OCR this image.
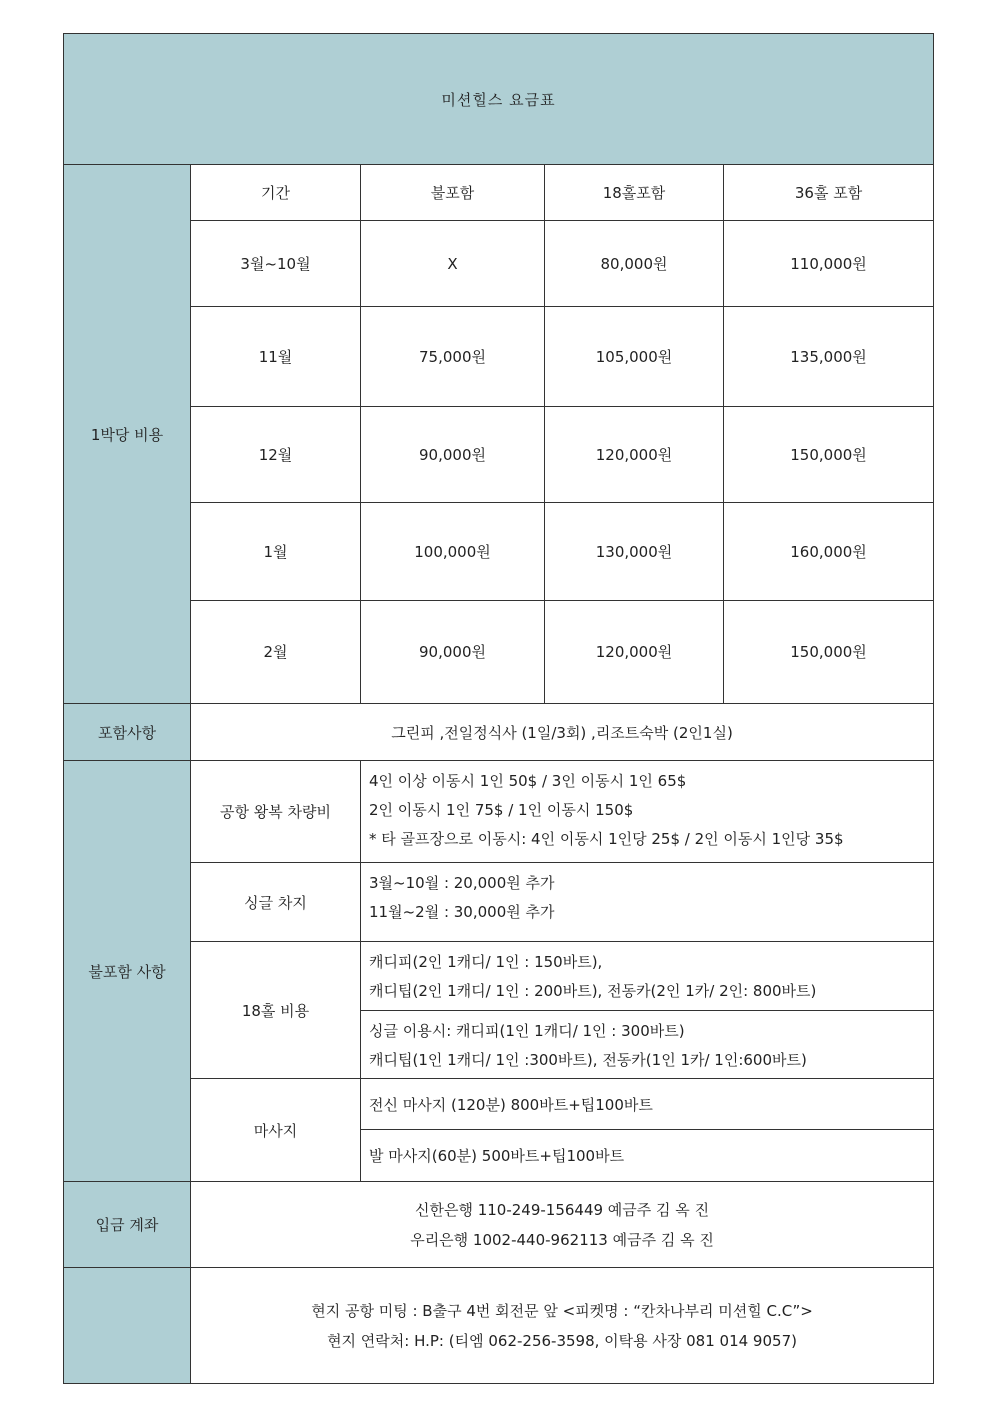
미션힐스 요금표				

1박당 비용	기간	불포함	18홀포함	36홀 포함
	3월~10월	X	80,000원	110,000원
	11월	75,000원	105,000원	135,000원
	12월	90,000원	120,000원	150,000원
	1월	100,000원	130,000원	160,000원
	2월	90,000원	120,000원	150,000원
포함사항	그린피 ,전일정식사 (1일/3회) ,리조트숙박 (2인1실)			
불포함 사항	공항 왕복 차량비	4인 이상 이동시 1인 50$ / 3인 이동시 1인 65$
2인 이동시 1인 75$ / 1인 이동시 150$
* 타 골프장으로 이동시: 4인 이동시 1인당 25$ / 2인 이동시 1인당 35$		

	싱글 차지	3월~10월 : 20,000원 추가
11월~2월 : 30,000원 추가		

	18홀 비용	캐디피(2인 1캐디/ 1인 : 150바트),
캐디팁(2인 1캐디/ 1인 : 200바트), 전동카(2인 1카/ 2인: 800바트)		

		싱글 이용시: 캐디피(1인 1캐디/ 1인 : 300바트)
캐디팁(1인 1캐디/ 1인 :300바트), 전동카(1인 1카/ 1인:600바트)		

	마사지	전신 마사지 (120분) 800바트+팁100바트		
		발 마사지(60분) 500바트+팁100바트		
입금 계좌	신한은행 110-249-156449 예금주 김 옥 진
우리은행 1002-440-962113 예금주 김 옥 진			

	현지 공항 미팅 : B출구 4번 회전문 앞 <피켓명 : “칸차나부리 미션힐 C.C”>
현지 연락처: H.P: (티엠 062-256-3598, 이탁용 사장 081 014 9057)			
